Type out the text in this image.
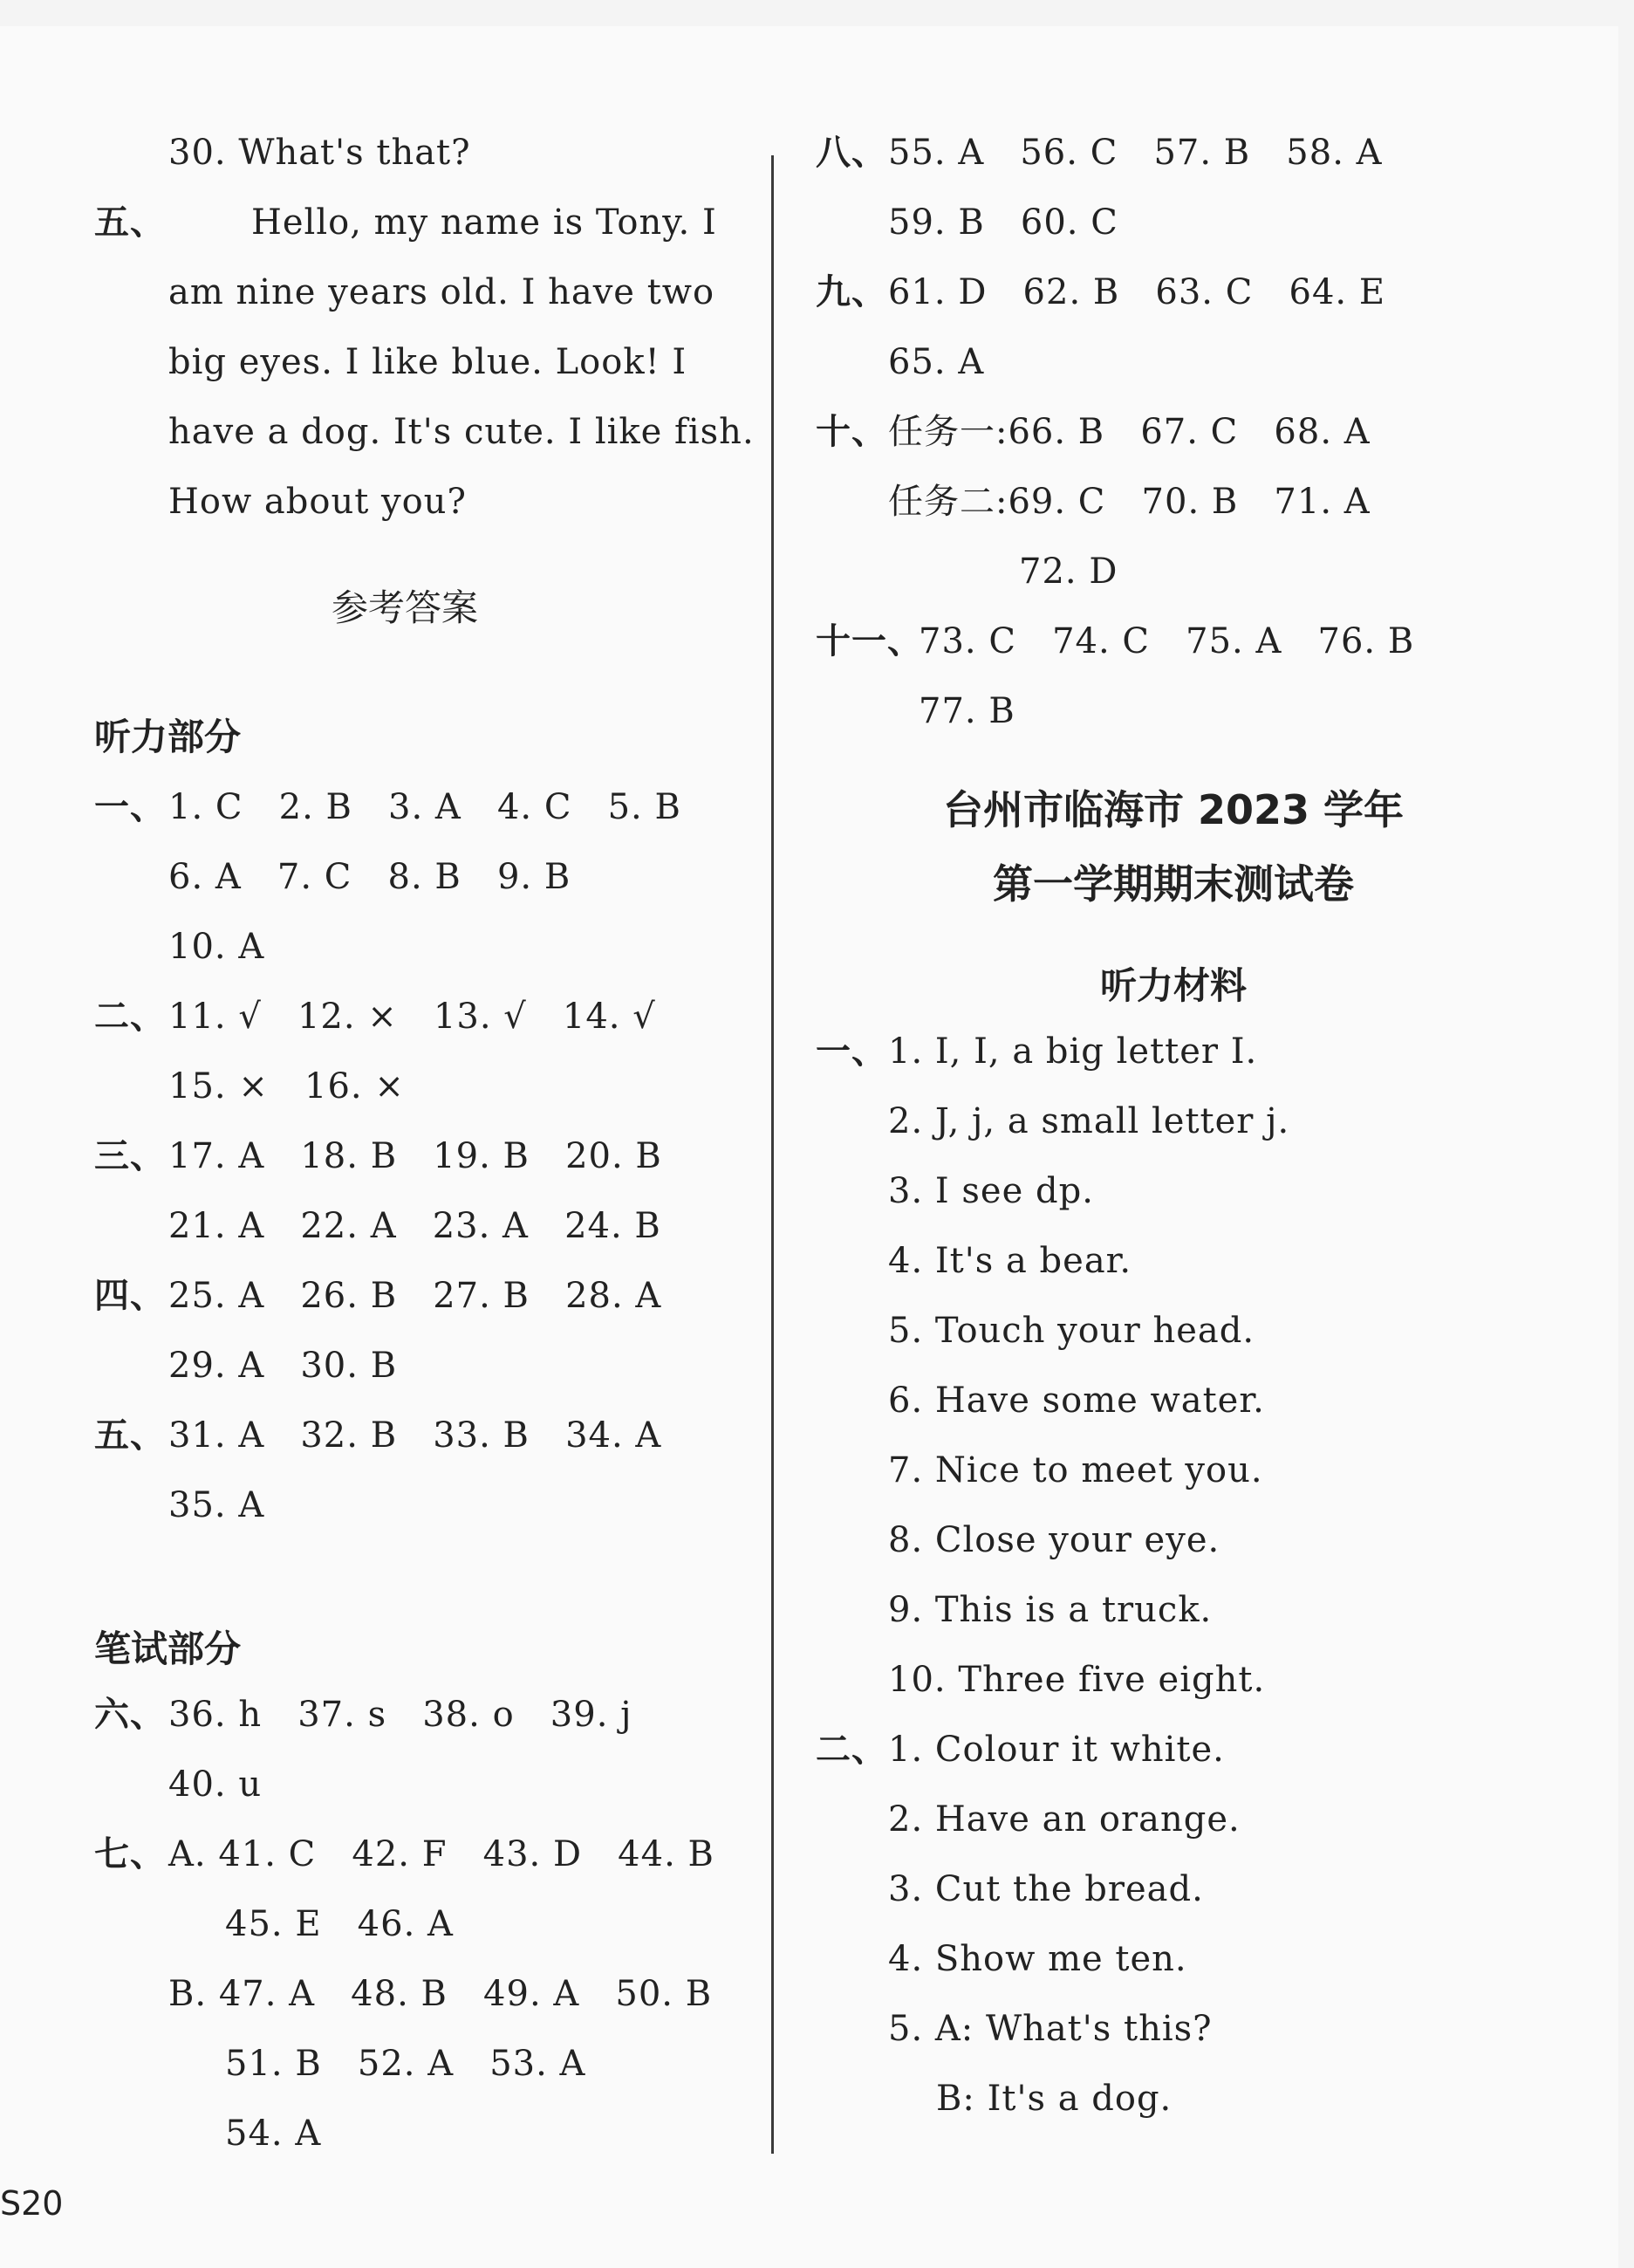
30. What's that?
五、 Hello, my name is Tony. I
am nine years old. I have two
big eyes. I like blue. Look! I
have a dog. It's cute. I like fish.
How about you?
参考答案
听力部分
一、 1. C   2. B   3. A   4. C   5. B
6. A   7. C   8. B   9. B
10. A
二、 11. √   12. ×   13. √   14. √
15. ×   16. ×
三、 17. A   18. B   19. B   20. B
21. A   22. A   23. A   24. B
四、 25. A   26. B   27. B   28. A
29. A   30. B
五、 31. A   32. B   33. B   34. A
35. A
笔试部分
六、 36. h   37. s   38. o   39. j
40. u
七、 A. 41. C   42. F   43. D   44. B
45. E   46. A
B. 47. A   48. B   49. A   50. B
51. B   52. A   53. A
54. A
八、 55. A   56. C   57. B   58. A
59. B   60. C
九、 61. D   62. B   63. C   64. E
65. A
十、 任务一:66. B   67. C   68. A
任务二:69. C   70. B   71. A
72. D
十一、
73. C   74. C   75. A   76. B
77. B
台州市临海市 2023 学年
第一学期期末测试卷
听力材料
一、 1. I, I, a big letter I.
2. J, j, a small letter j.
3. I see dp.
4. It's a bear.
5. Touch your head.
6. Have some water.
7. Nice to meet you.
8. Close your eye.
9. This is a truck.
10. Three five eight.
二、 1. Colour it white.
2. Have an orange.
3. Cut the bread.
4. Show me ten.
5. A: What's this?
B: It's a dog.
S20
